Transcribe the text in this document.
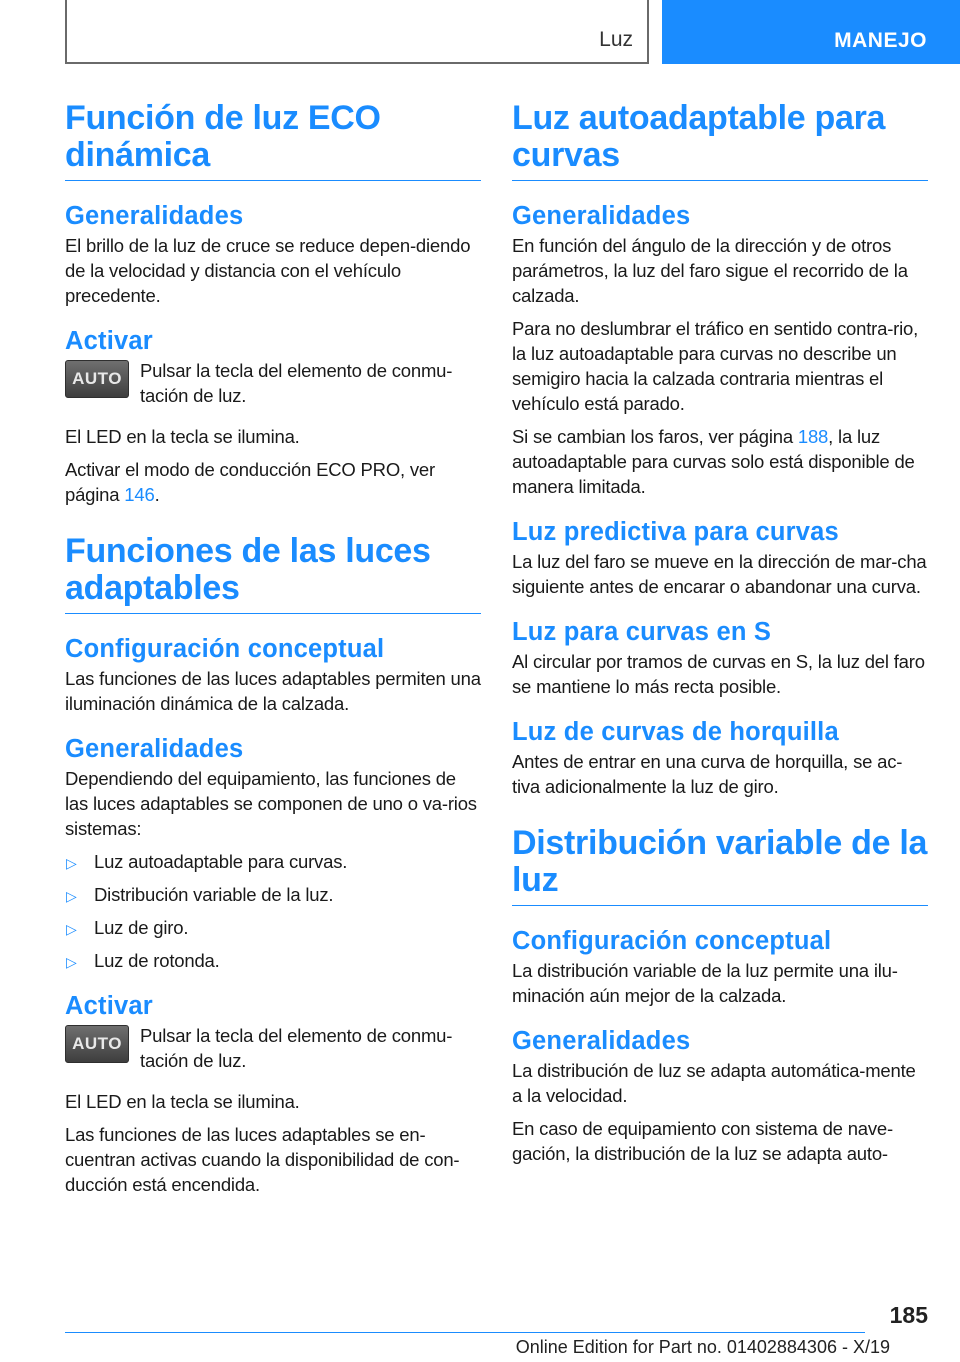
Luz	MANEJO
Función de luz ECO dinámica
Generalidades

El brillo de la luz de cruce se reduce depen-diendo de la velocidad y distancia con el vehículo precedente.

Activar
AUTO Pulsar la tecla del elemento de conmu-tación de luz.

El LED en la tecla se ilumina.

Activar el modo de conducción ECO PRO, ver página 146.

Funciones de las luces adaptables
Configuración conceptual

Las funciones de las luces adaptables permiten una iluminación dinámica de la calzada.

Generalidades

Dependiendo del equipamiento, las funciones de las luces adaptables se componen de uno o va-rios sistemas:

▷ Luz autoadaptable para curvas.
▷ Distribución variable de la luz.
▷ Luz de giro.
▷ Luz de rotonda.
Activar
AUTO Pulsar la tecla del elemento de conmu-tación de luz.

El LED en la tecla se ilumina.

Las funciones de las luces adaptables se en-cuentran activas cuando la disponibilidad de con-ducción está encendida.

Luz autoadaptable para curvas
Generalidades

En función del ángulo de la dirección y de otros parámetros, la luz del faro sigue el recorrido de la calzada.

Para no deslumbrar el tráfico en sentido contra-rio, la luz autoadaptable para curvas no describe un semigiro hacia la calzada contraria mientras el vehículo está parado.

Si se cambian los faros, ver página 188, la luz autoadaptable para curvas solo está disponible de manera limitada.

Luz predictiva para curvas

La luz del faro se mueve en la dirección de mar-cha siguiente antes de encarar o abandonar una curva.

Luz para curvas en S

Al circular por tramos de curvas en S, la luz del faro se mantiene lo más recta posible.

Luz de curvas de horquilla

Antes de entrar en una curva de horquilla, se ac-tiva adicionalmente la luz de giro.

Distribución variable de la luz
Configuración conceptual

La distribución variable de la luz permite una ilu-minación aún mejor de la calzada.

Generalidades

La distribución de luz se adapta automática-mente a la velocidad.

En caso de equipamiento con sistema de nave-gación, la distribución de la luz se adapta auto-

185
Online Edition for Part no. 01402884306 - X/19
